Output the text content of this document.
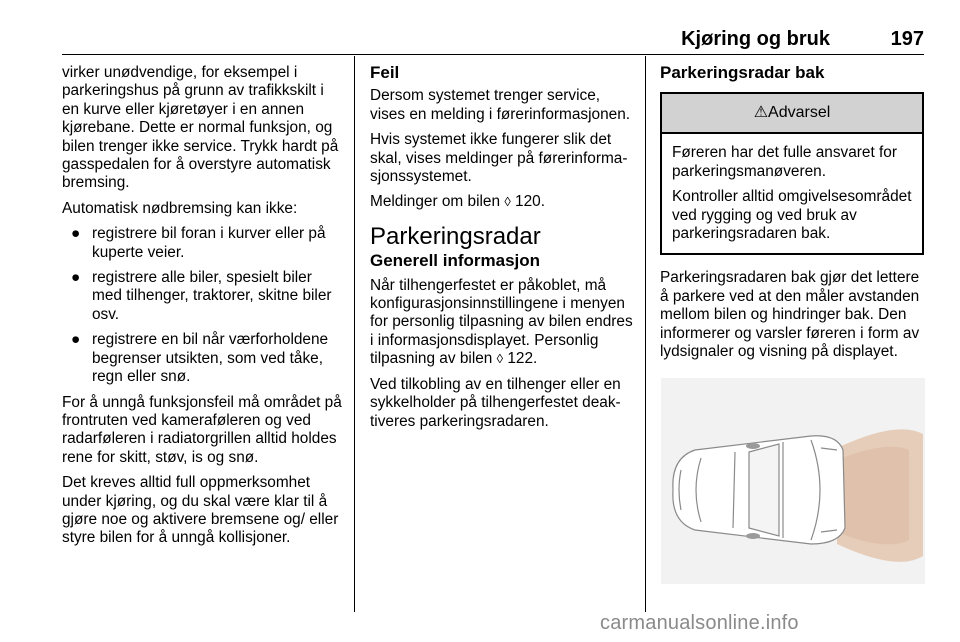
Kjøring og bruk	197

virker unødvendige, for eksempel i parkeringshus på grunn av trafikkskilt i en kurve eller kjøretøyer i en annen kjørebane. Dette er normal funksjon, og bilen trenger ikke service. Trykk hardt på gasspedalen for å overstyre automatisk bremsing.

Automatisk nødbremsing kan ikke:

● registrere bil foran i kurver eller på kuperte veier.
● registrere alle biler, spesielt biler med tilhenger, traktorer, skitne biler osv.
● registrere en bil når værforholdene begrenser utsikten, som ved tåke, regn eller snø.

For å unngå funksjonsfeil må området på frontruten ved kameraføleren og ved radarføleren i radiatorgrillen alltid holdes rene for skitt, støv, is og snø.

Det kreves alltid full oppmerksomhet under kjøring, og du skal være klar til å gjøre noe og aktivere bremsene og/ eller styre bilen for å unngå kollisjoner.

Feil

Dersom systemet trenger service, vises en melding i førerinformasjonen.

Hvis systemet ikke fungerer slik det skal, vises meldinger på førerinformasjonssystemet.

Meldinger om bilen ◊ 120.

Parkeringsradar
Generell informasjon

Når tilhengerfestet er påkoblet, må konfigurasjonsinnstillingene i menyen for personlig tilpasning av bilen endres i informasjonsdisplayet. Personlig tilpasning av bilen ◊ 122.

Ved tilkobling av en tilhenger eller en sykkelholder på tilhengerfestet deaktiveres parkeringsradaren.

Parkeringsradar bak
⚠Advarsel

Føreren har det fulle ansvaret for parkeringsmanøveren.

Kontroller alltid omgivelsesområdet ved rygging og ved bruk av parkeringsradaren bak.

Parkeringsradaren bak gjør det lettere å parkere ved at den måler avstanden mellom bilen og hindringer bak. Den informerer og varsler føreren i form av lydsignaler og visning på displayet.

carmanualsonline.info
